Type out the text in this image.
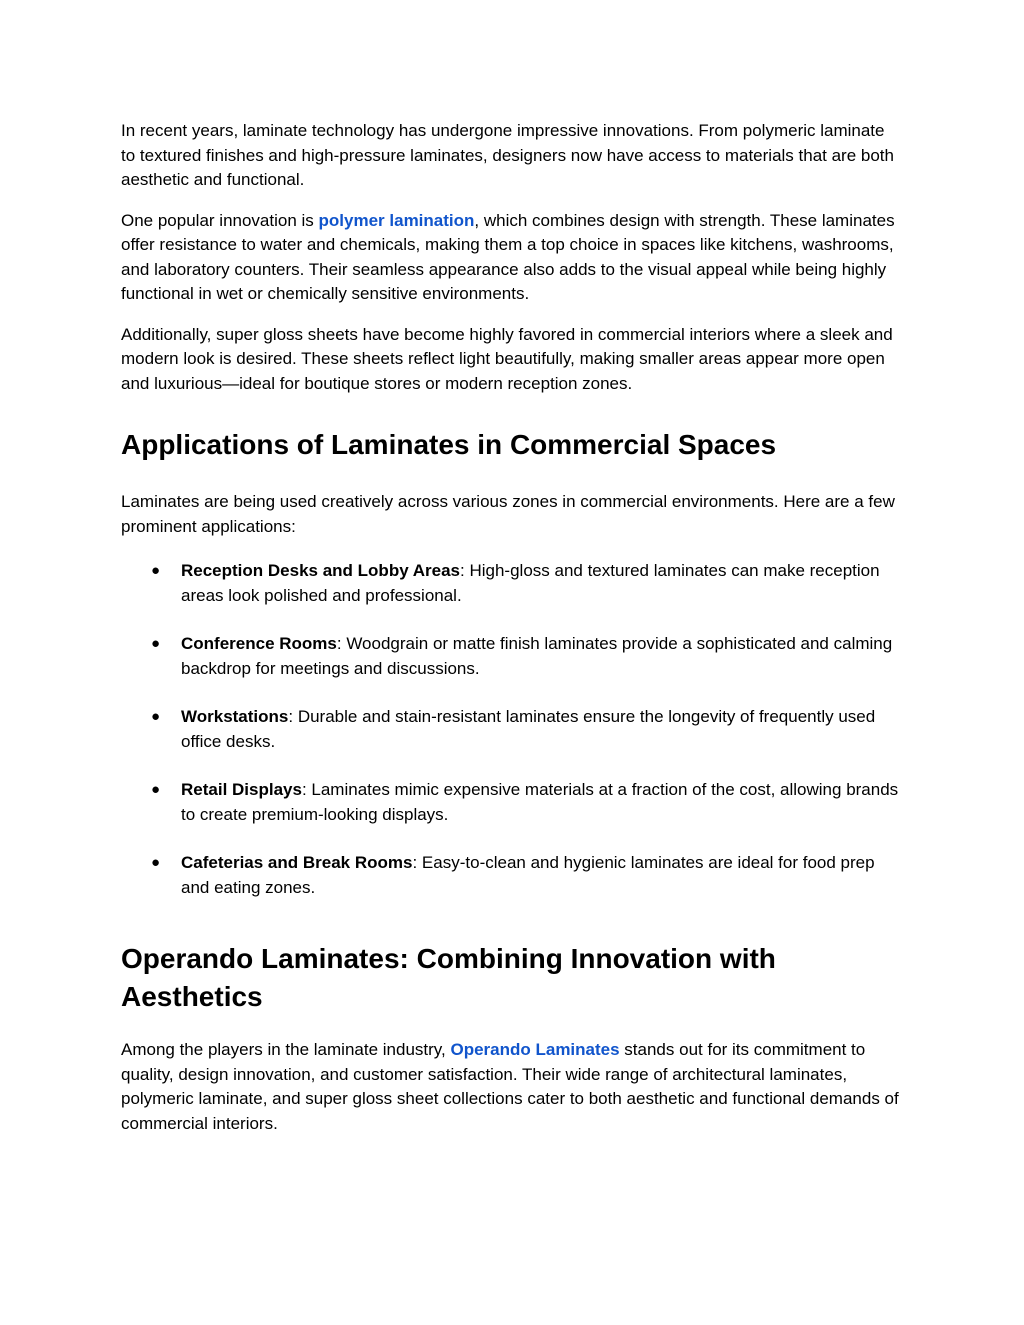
In recent years, laminate technology has undergone impressive innovations. From polymeric laminate to textured finishes and high-pressure laminates, designers now have access to materials that are both aesthetic and functional.

One popular innovation is polymer lamination, which combines design with strength. These laminates offer resistance to water and chemicals, making them a top choice in spaces like kitchens, washrooms, and laboratory counters. Their seamless appearance also adds to the visual appeal while being highly functional in wet or chemically sensitive environments.

Additionally, super gloss sheets have become highly favored in commercial interiors where a sleek and modern look is desired. These sheets reflect light beautifully, making smaller areas appear more open and luxurious—ideal for boutique stores or modern reception zones.

Applications of Laminates in Commercial Spaces

Laminates are being used creatively across various zones in commercial environments. Here are a few prominent applications:

● Reception Desks and Lobby Areas: High-gloss and textured laminates can make reception areas look polished and professional.
● Conference Rooms: Woodgrain or matte finish laminates provide a sophisticated and calming backdrop for meetings and discussions.
● Workstations: Durable and stain-resistant laminates ensure the longevity of frequently used office desks.
● Retail Displays: Laminates mimic expensive materials at a fraction of the cost, allowing brands to create premium-looking displays.
● Cafeterias and Break Rooms: Easy-to-clean and hygienic laminates are ideal for food prep and eating zones.
Operando Laminates: Combining Innovation with Aesthetics

Among the players in the laminate industry, Operando Laminates stands out for its commitment to quality, design innovation, and customer satisfaction. Their wide range of architectural laminates, polymeric laminate, and super gloss sheet collections cater to both aesthetic and functional demands of commercial interiors.
